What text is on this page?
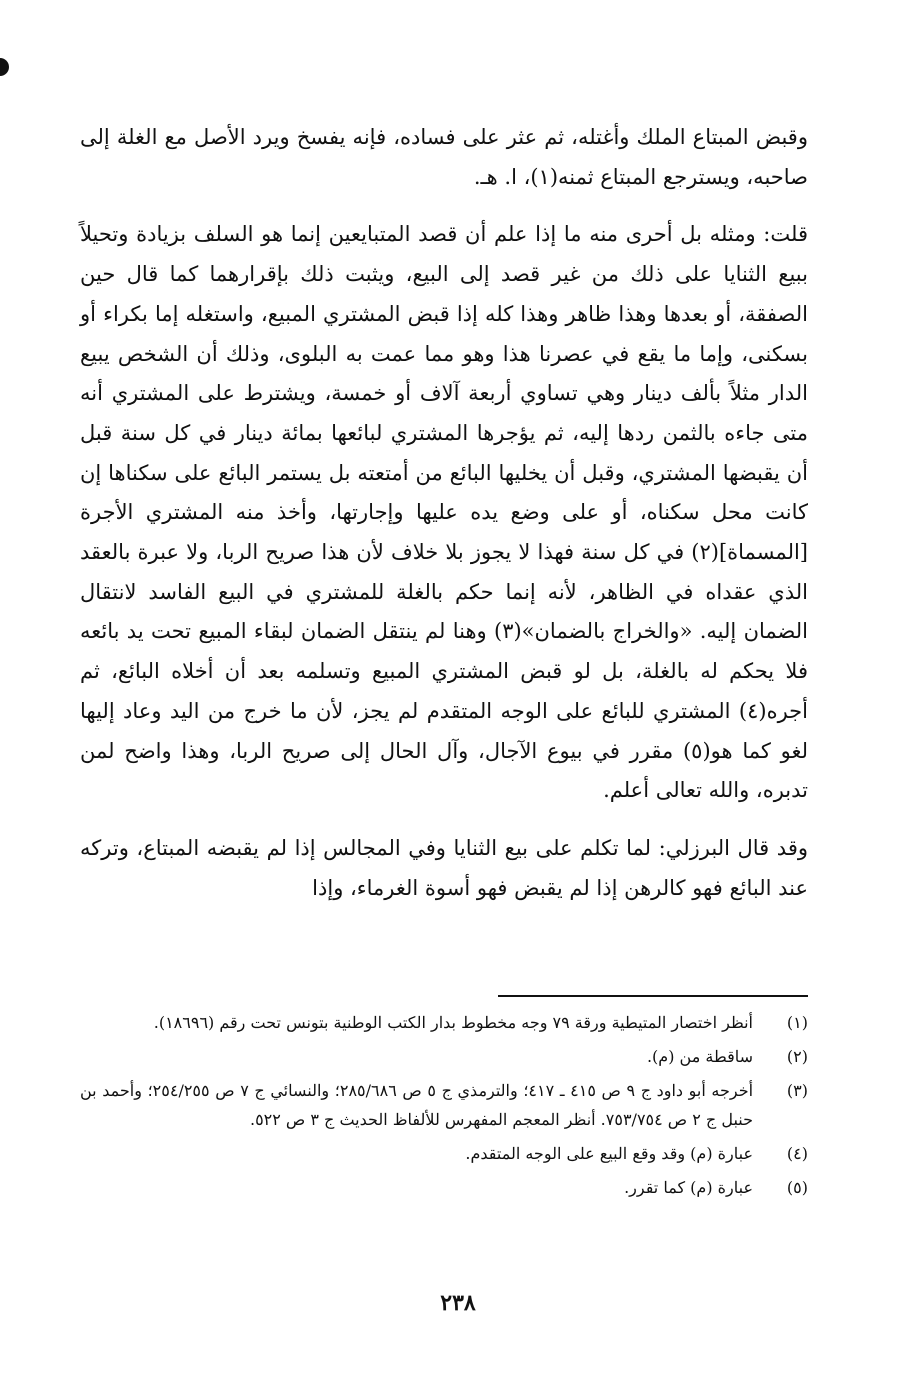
وقبض المبتاع الملك وأغتله، ثم عثر على فساده، فإنه يفسخ ويرد الأصل مع الغلة إلى صاحبه، ويسترجع المبتاع ثمنه(١)، ا. هـ.

قلت: ومثله بل أحرى منه ما إذا علم أن قصد المتبايعين إنما هو السلف بزيادة وتحيلاً ببيع الثنايا على ذلك من غير قصد إلى البيع، ويثبت ذلك بإقرارهما كما قال حين الصفقة، أو بعدها وهذا ظاهر وهذا كله إذا قبض المشتري المبيع، واستغله إما بكراء أو بسكنى، وإما ما يقع في عصرنا هذا وهو مما عمت به البلوى، وذلك أن الشخص يبيع الدار مثلاً بألف دينار وهي تساوي أربعة آلاف أو خمسة، ويشترط على المشتري أنه متى جاءه بالثمن ردها إليه، ثم يؤجرها المشتري لبائعها بمائة دينار في كل سنة قبل أن يقبضها المشتري، وقبل أن يخليها البائع من أمتعته بل يستمر البائع على سكناها إن كانت محل سكناه، أو على وضع يده عليها وإجارتها، وأخذ منه المشتري الأجرة [المسماة](٢) في كل سنة فهذا لا يجوز بلا خلاف لأن هذا صريح الربا، ولا عبرة بالعقد الذي عقداه في الظاهر، لأنه إنما حكم بالغلة للمشتري في البيع الفاسد لانتقال الضمان إليه. «والخراج بالضمان»(٣) وهنا لم ينتقل الضمان لبقاء المبيع تحت يد بائعه فلا يحكم له بالغلة، بل لو قبض المشتري المبيع وتسلمه بعد أن أخلاه البائع، ثم أجره(٤) المشتري للبائع على الوجه المتقدم لم يجز، لأن ما خرج من اليد وعاد إليها لغو كما هو(٥) مقرر في بيوع الآجال، وآل الحال إلى صريح الربا، وهذا واضح لمن تدبره، والله تعالى أعلم.

وقد قال البرزلي: لما تكلم على بيع الثنايا وفي المجالس إذا لم يقبضه المبتاع، وتركه عند البائع فهو كالرهن إذا لم يقبض فهو أسوة الغرماء، وإذا

(١)
أنظر اختصار المتيطية ورقة ٧٩ وجه مخطوط بدار الكتب الوطنية بتونس تحت رقم (١٨٦٩٦).
(٢)
ساقطة من (م).
(٣)
أخرجه أبو داود ج ٩ ص ٤١٥ ـ ٤١٧؛ والترمذي ج ٥ ص ٢٨٥/٦٨٦؛ والنسائي ج ٧ ص ٢٥٤/٢٥٥؛ وأحمد بن حنبل ج ٢ ص ٧٥٣/٧٥٤. أنظر المعجم المفهرس للألفاظ الحديث ج ٣ ص ٥٢٢.
(٤)
عبارة (م) وقد وقع البيع على الوجه المتقدم.
(٥)
عبارة (م) كما تقرر.
٢٣٨
